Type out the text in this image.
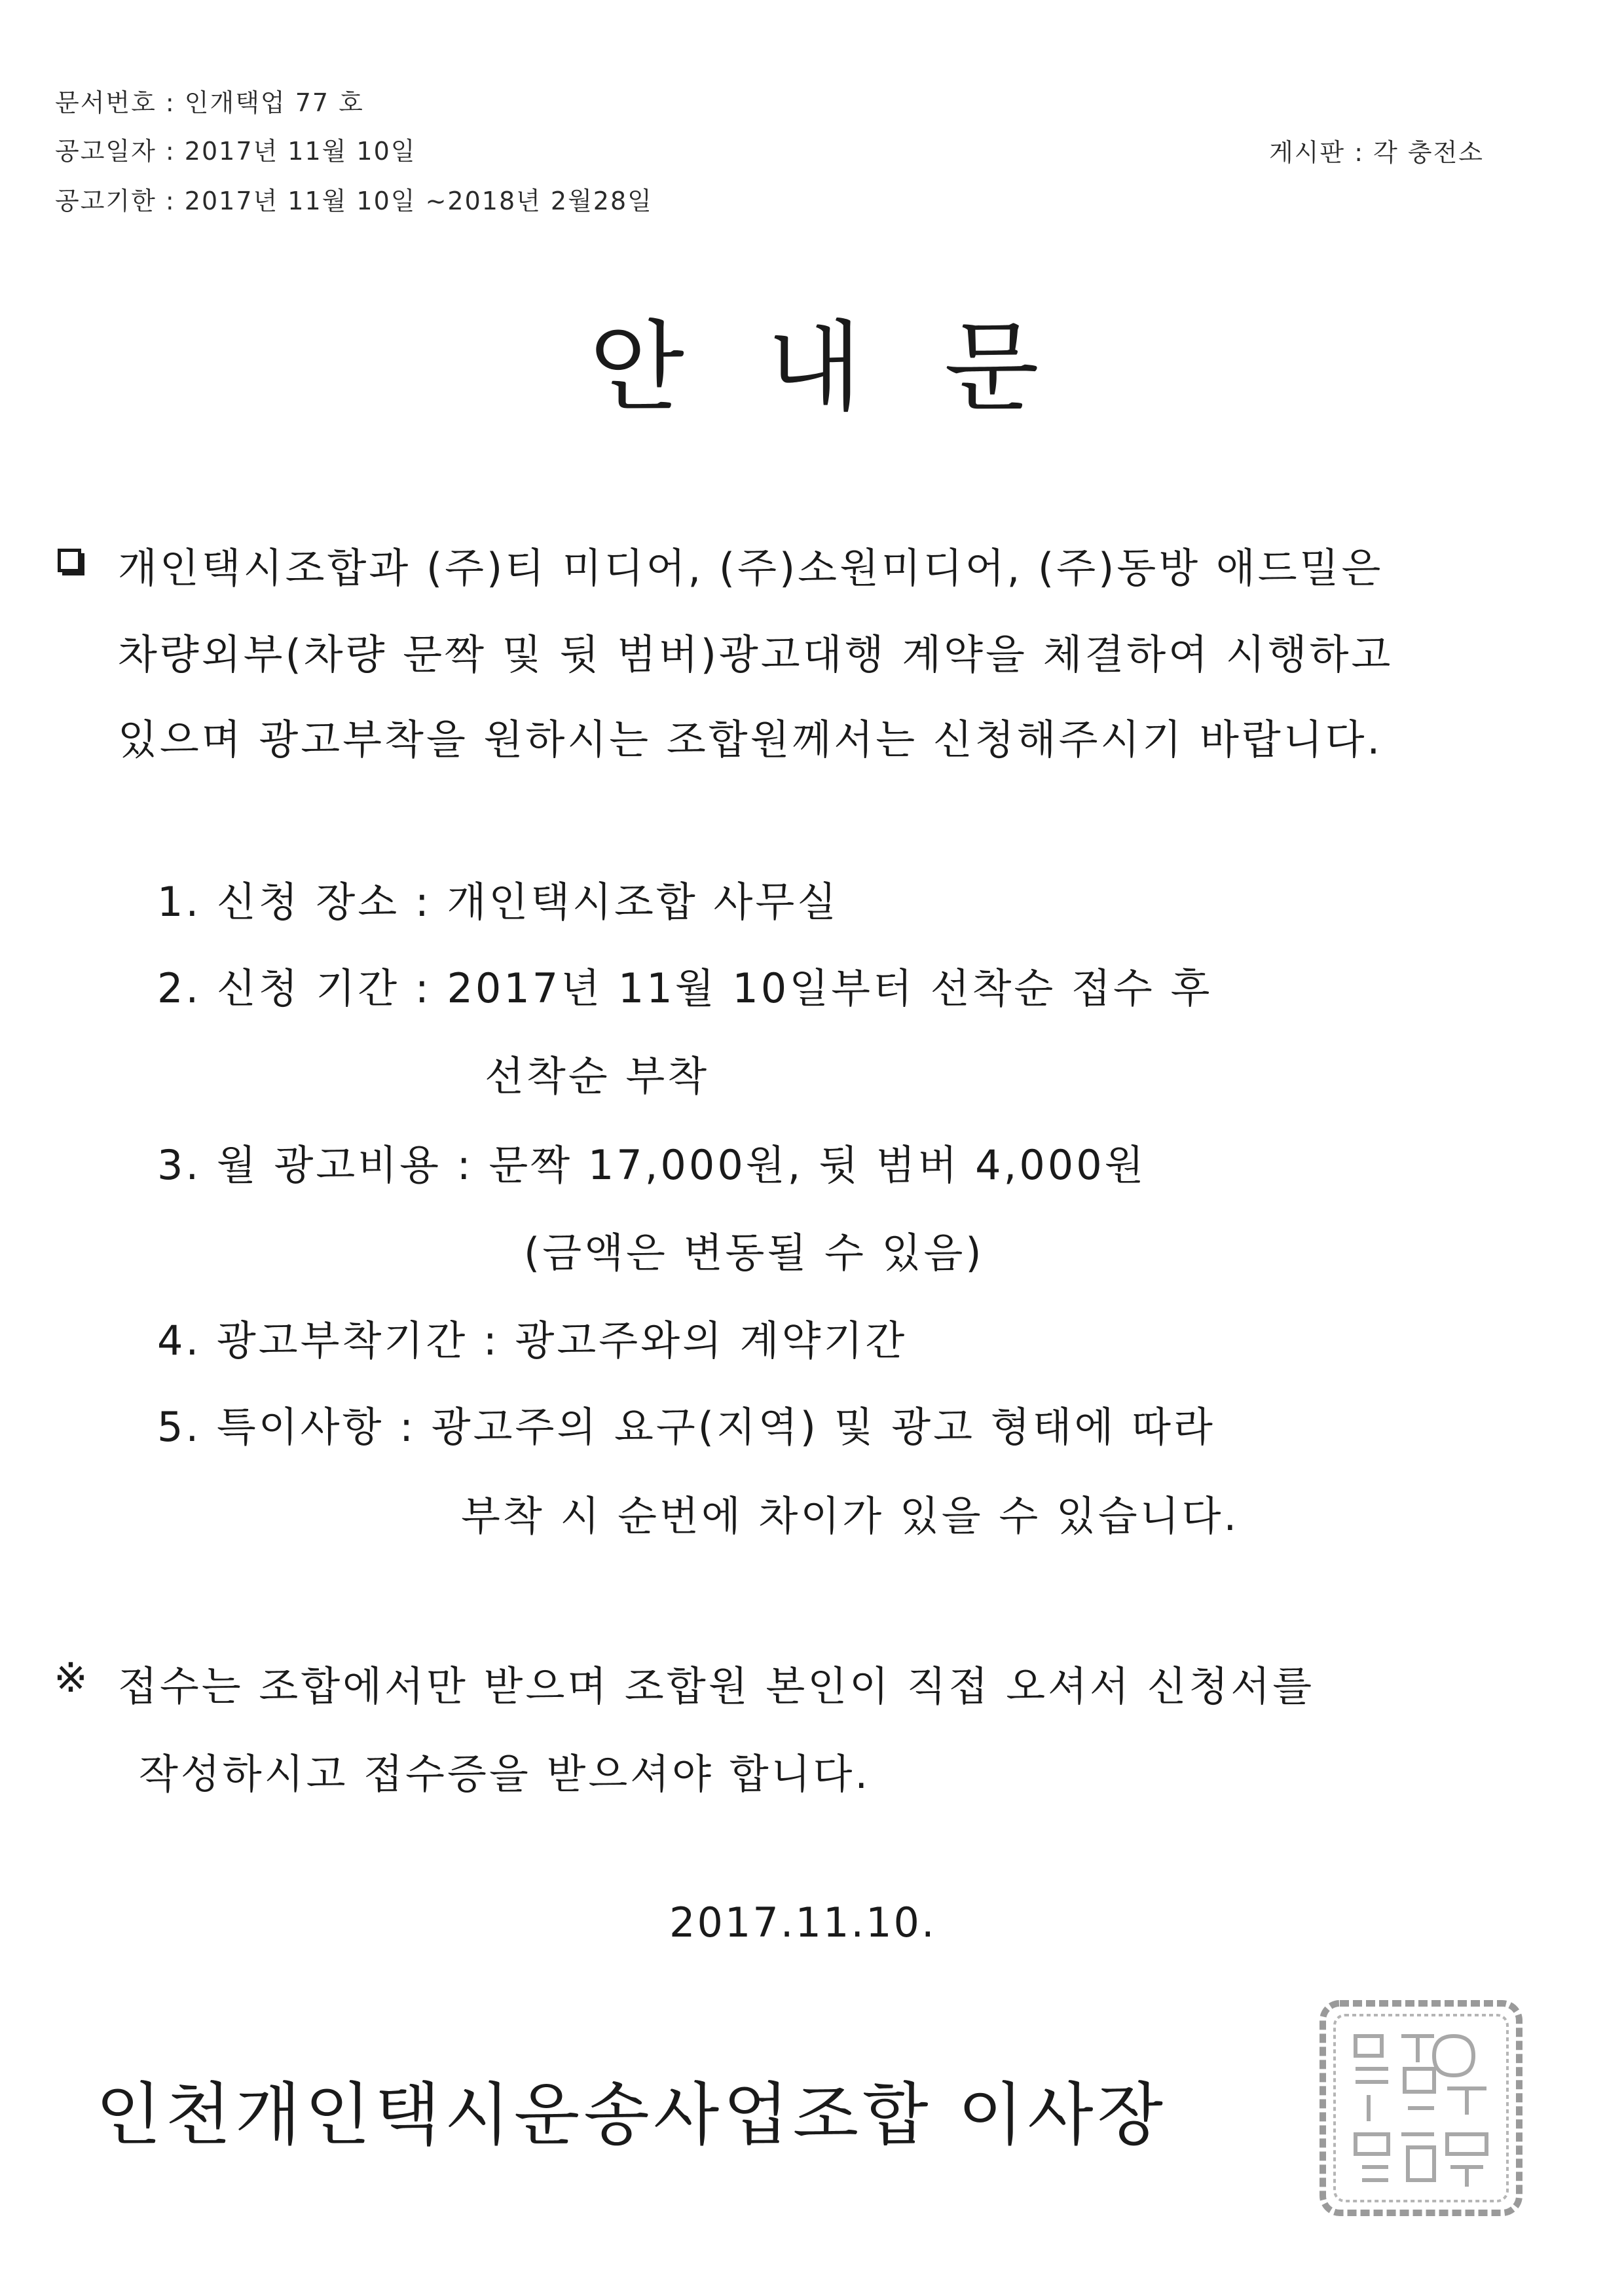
문서번호 : 인개택업 77 호
공고일자 : 2017년 11월 10일
공고기한 : 2017년 11월 10일 ~2018년 2월28일
게시판 : 각 충전소
안 내 문
개인택시조합과 (주)티 미디어, (주)소원미디어, (주)동방 애드밀은
차량외부(차량 문짝 및 뒷 범버)광고대행 계약을 체결하여 시행하고
있으며 광고부착을 원하시는 조합원께서는 신청해주시기 바랍니다.
1. 신청 장소 : 개인택시조합 사무실
2. 신청 기간 : 2017년 11월 10일부터 선착순 접수 후
선착순 부착
3. 월 광고비용 : 문짝 17,000원, 뒷 범버 4,000원
(금액은 변동될 수 있음)
4. 광고부착기간 : 광고주와의 계약기간
5. 특이사항 : 광고주의 요구(지역) 및 광고 형태에 따라
부착 시 순번에 차이가 있을 수 있습니다.
※ 접수는 조합에서만 받으며 조합원 본인이 직접 오셔서 신청서를
작성하시고 접수증을 받으셔야 합니다.
2017.11.10.
인천개인택시운송사업조합 이사장
